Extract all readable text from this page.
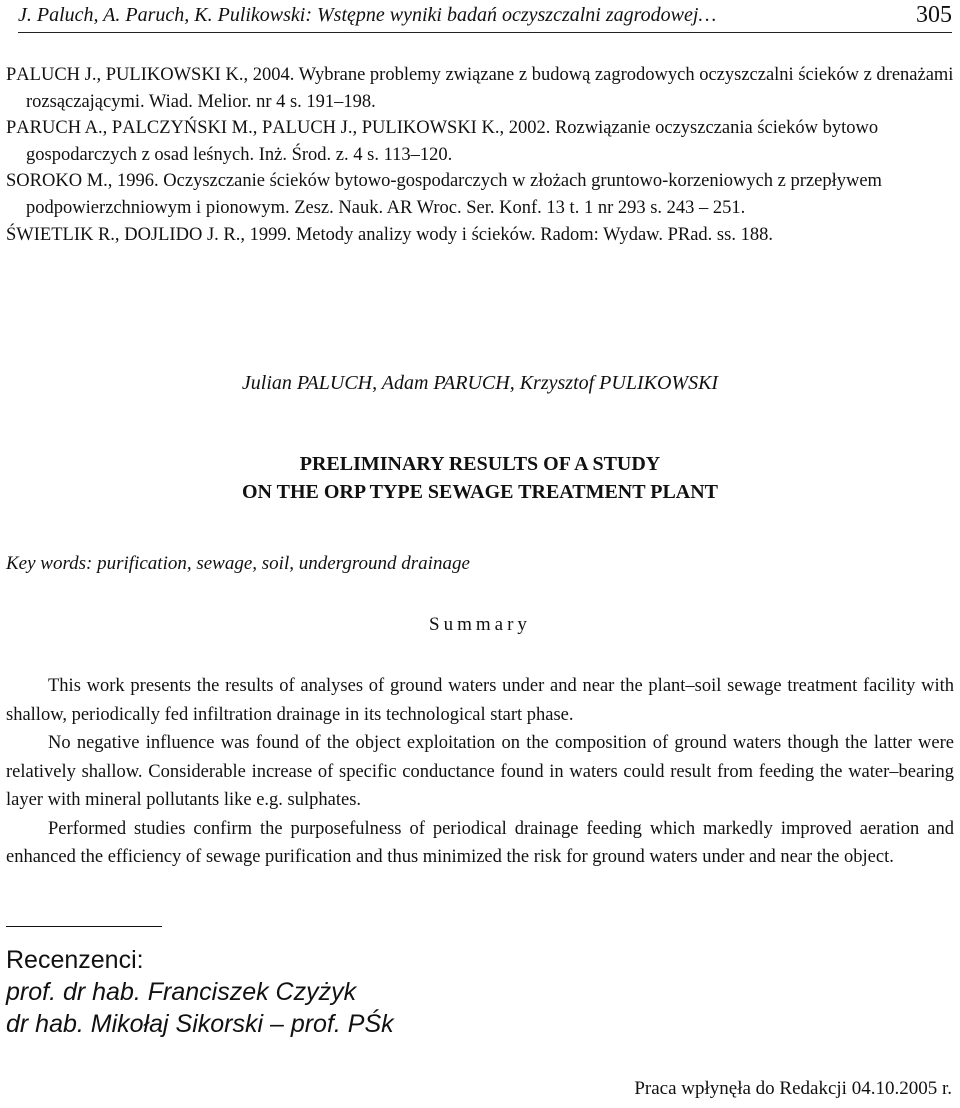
J. Paluch, A. Paruch, K. Pulikowski: Wstępne wyniki badań oczyszczalni zagrodowej…	305
PALUCH J., PULIKOWSKI K., 2004. Wybrane problemy związane z budową zagrodowych oczyszczalni ścieków z drenażami rozsączającymi. Wiad. Melior. nr 4 s. 191–198.
PARUCH A., PALCZYŃSKI M., PALUCH J., PULIKOWSKI K., 2002. Rozwiązanie oczyszczania ścieków bytowo gospodarczych z osad leśnych. Inż. Środ. z. 4 s. 113–120.
SOROKO M., 1996. Oczyszczanie ścieków bytowo-gospodarczych w złożach gruntowo-korzeniowych z przepływem podpowierzchniowym i pionowym. Zesz. Nauk. AR Wroc. Ser. Konf. 13 t. 1 nr 293 s. 243 – 251.
ŚWIETLIK R., DOJLIDO J. R., 1999. Metody analizy wody i ścieków. Radom: Wydaw. PRad. ss. 188.
Julian PALUCH, Adam PARUCH, Krzysztof PULIKOWSKI
PRELIMINARY RESULTS OF A STUDY
ON THE ORP TYPE SEWAGE TREATMENT PLANT
Key words: purification, sewage, soil, underground drainage
Summary

This work presents the results of analyses of ground waters under and near the plant–soil sewage treatment facility with shallow, periodically fed infiltration drainage in its technological start phase.

No negative influence was found of the object exploitation on the composition of ground waters though the latter were relatively shallow. Considerable increase of specific conductance found in waters could result from feeding the water–bearing layer with mineral pollutants like e.g. sulphates.

Performed studies confirm the purposefulness of periodical drainage feeding which markedly improved aeration and enhanced the efficiency of sewage purification and thus minimized the risk for ground waters under and near the object.

Recenzenci:
prof. dr hab. Franciszek Czyżyk
dr hab. Mikołaj Sikorski – prof. PŚk
Praca wpłynęła do Redakcji 04.10.2005 r.
